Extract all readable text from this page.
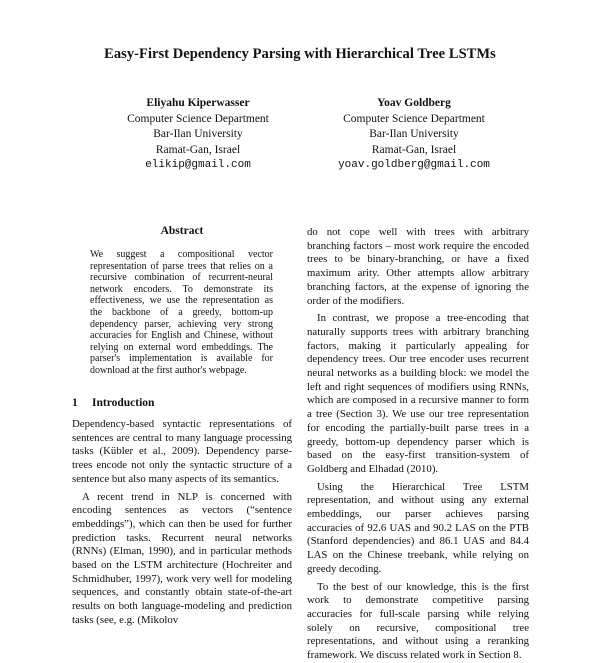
Easy-First Dependency Parsing with Hierarchical Tree LSTMs
Eliyahu Kiperwasser
Computer Science Department
Bar-Ilan University
Ramat-Gan, Israel
elikip@gmail.com
Yoav Goldberg
Computer Science Department
Bar-Ilan University
Ramat-Gan, Israel
yoav.goldberg@gmail.com
Abstract
We suggest a compositional vector representation of parse trees that relies on a recursive combination of recurrent-neural network encoders. To demonstrate its effectiveness, we use the representation as the backbone of a greedy, bottom-up dependency parser, achieving very strong accuracies for English and Chinese, without relying on external word embeddings. The parser's implementation is available for download at the first author's webpage.
1 Introduction

Dependency-based syntactic representations of sentences are central to many language processing tasks (Kübler et al., 2009). Dependency parse-trees encode not only the syntactic structure of a sentence but also many aspects of its semantics.

A recent trend in NLP is concerned with encoding sentences as vectors (“sentence embeddings”), which can then be used for further prediction tasks. Recurrent neural networks (RNNs) (Elman, 1990), and in particular methods based on the LSTM architecture (Hochreiter and Schmidhuber, 1997), work very well for modeling sequences, and constantly obtain state-of-the-art results on both language-modeling and prediction tasks (see, e.g. (Mikolov

do not cope well with trees with arbitrary branching factors – most work require the encoded trees to be binary-branching, or have a fixed maximum arity. Other attempts allow arbitrary branching factors, at the expense of ignoring the order of the modifiers.

In contrast, we propose a tree-encoding that naturally supports trees with arbitrary branching factors, making it particularly appealing for dependency trees. Our tree encoder uses recurrent neural networks as a building block: we model the left and right sequences of modifiers using RNNs, which are composed in a recursive manner to form a tree (Section 3). We use our tree representation for encoding the partially-built parse trees in a greedy, bottom-up dependency parser which is based on the easy-first transition-system of Goldberg and Elhadad (2010).

Using the Hierarchical Tree LSTM representation, and without using any external embeddings, our parser achieves parsing accuracies of 92.6 UAS and 90.2 LAS on the PTB (Stanford dependencies) and 86.1 UAS and 84.4 LAS on the Chinese treebank, while relying on greedy decoding.

To the best of our knowledge, this is the first work to demonstrate competitive parsing accuracies for full-scale parsing while relying solely on recursive, compositional tree representations, and without using a reranking framework. We discuss related work in Section 8.
